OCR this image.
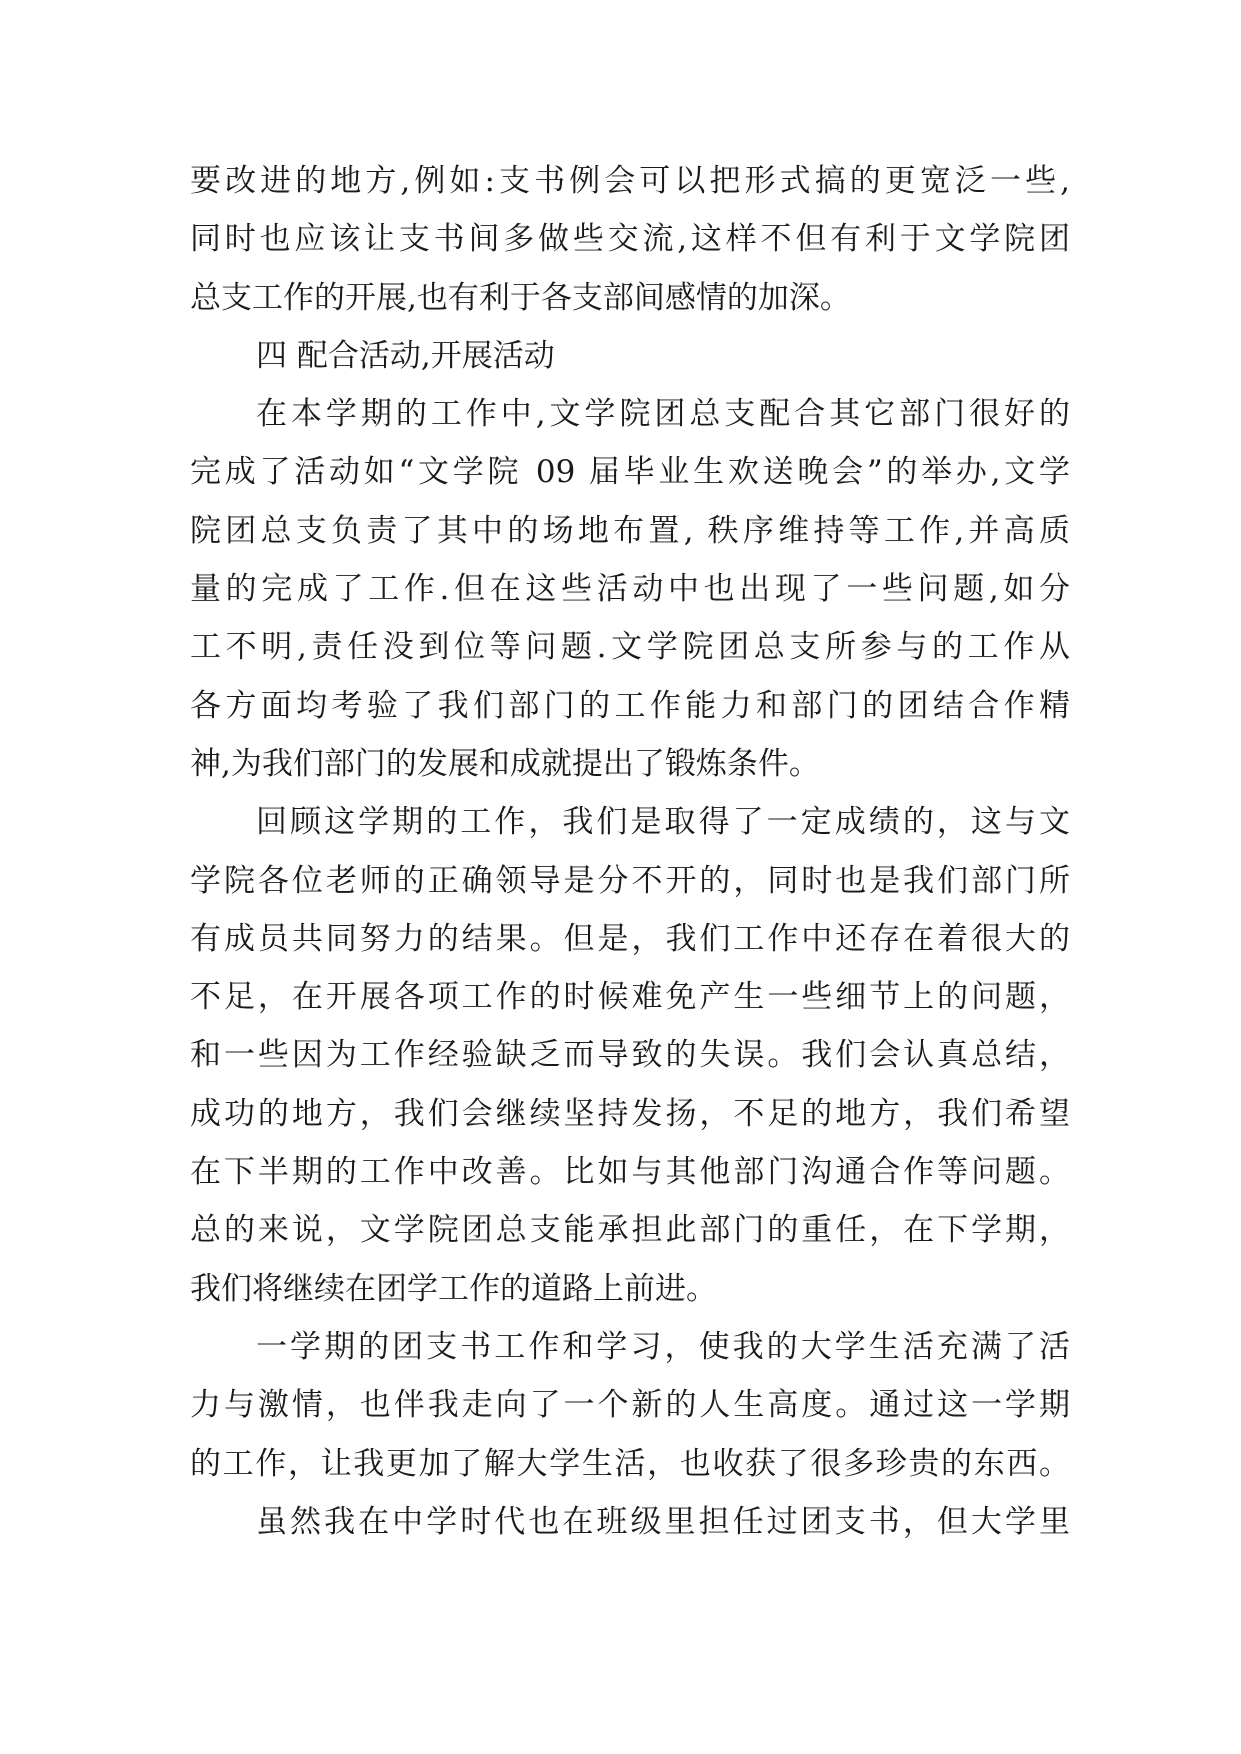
要改进的地方,例如:支书例会可以把形式搞的更宽泛一些,
同时也应该让支书间多做些交流,这样不但有利于文学院团
总支工作的开展,也有利于各支部间感情的加深。
四 配合活动,开展活动
在本学期的工作中,文学院团总支配合其它部门很好的
完成了活动如“文学院 09 届毕业生欢送晚会”的举办,文学
院团总支负责了其中的场地布置, 秩序维持等工作,并高质
量的完成了工作.但在这些活动中也出现了一些问题,如分
工不明,责任没到位等问题.文学院团总支所参与的工作从
各方面均考验了我们部门的工作能力和部门的团结合作精
神,为我们部门的发展和成就提出了锻炼条件。
回顾这学期的工作，我们是取得了一定成绩的，这与文
学院各位老师的正确领导是分不开的，同时也是我们部门所
有成员共同努力的结果。但是，我们工作中还存在着很大的
不足，在开展各项工作的时候难免产生一些细节上的问题，
和一些因为工作经验缺乏而导致的失误。我们会认真总结，
成功的地方，我们会继续坚持发扬，不足的地方，我们希望
在下半期的工作中改善。比如与其他部门沟通合作等问题。
总的来说，文学院团总支能承担此部门的重任，在下学期，
我们将继续在团学工作的道路上前进。
一学期的团支书工作和学习，使我的大学生活充满了活
力与激情，也伴我走向了一个新的人生高度。通过这一学期
的工作，让我更加了解大学生活，也收获了很多珍贵的东西。
虽然我在中学时代也在班级里担任过团支书，但大学里
